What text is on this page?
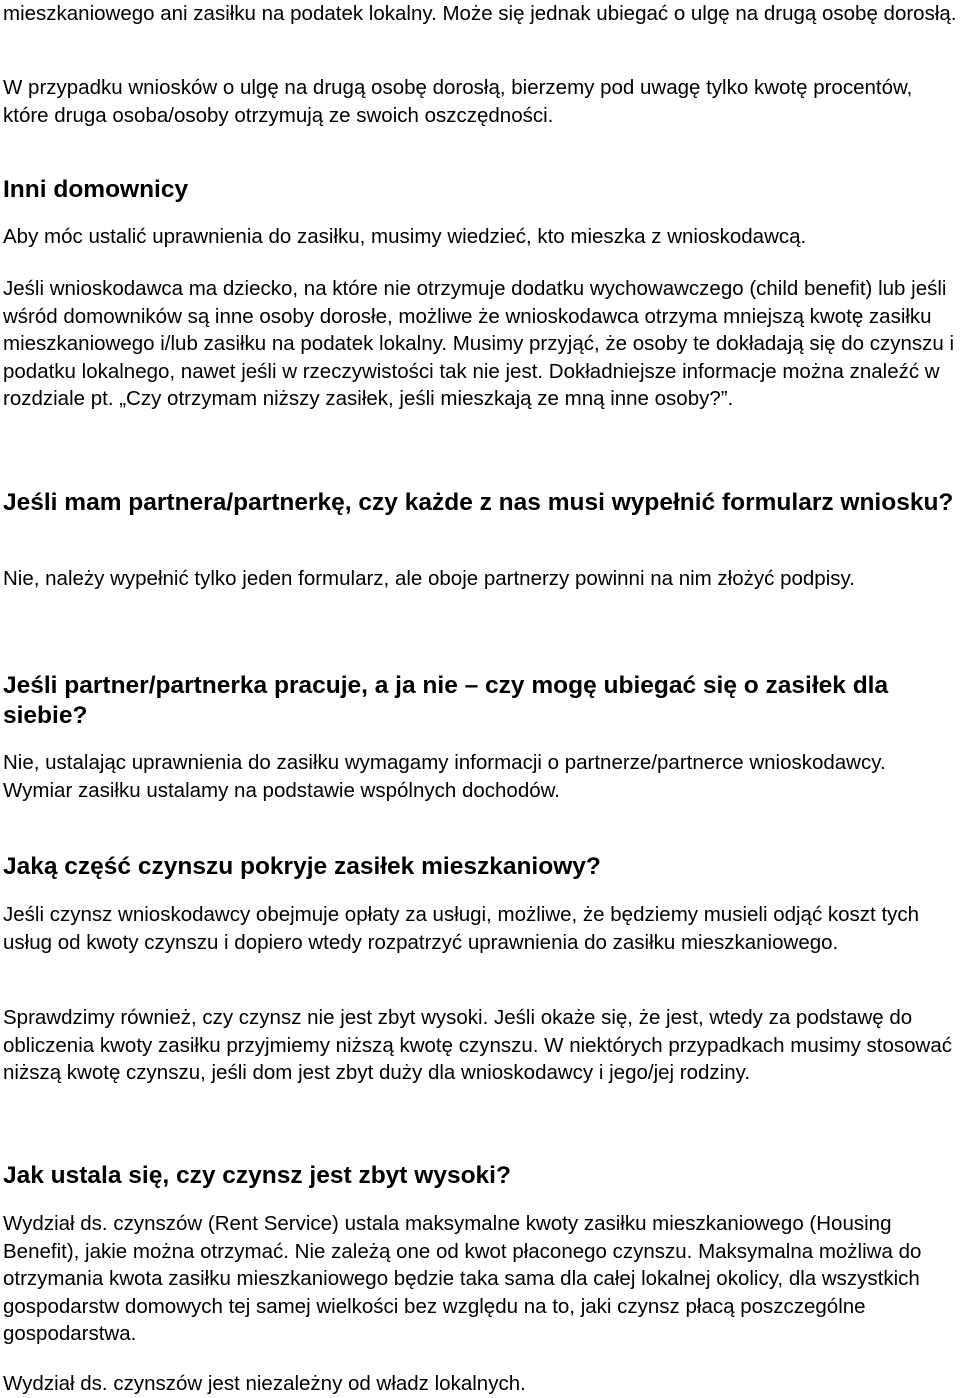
mieszkaniowego ani zasiłku na podatek lokalny. Może się jednak ubiegać o ulgę na drugą osobę dorosłą.

W przypadku wniosków o ulgę na drugą osobę dorosłą, bierzemy pod uwagę tylko kwotę procentów, które druga osoba/osoby otrzymują ze swoich oszczędności.

Inni domownicy

Aby móc ustalić uprawnienia do zasiłku, musimy wiedzieć, kto mieszka z wnioskodawcą.

Jeśli wnioskodawca ma dziecko, na które nie otrzymuje dodatku wychowawczego (child benefit) lub jeśli wśród domowników są inne osoby dorosłe, możliwe że wnioskodawca otrzyma mniejszą kwotę zasiłku mieszkaniowego i/lub zasiłku na podatek lokalny. Musimy przyjąć, że osoby te dokładają się do czynszu i podatku lokalnego, nawet jeśli w rzeczywistości tak nie jest. Dokładniejsze informacje można znaleźć w rozdziale pt. „Czy otrzymam niższy zasiłek, jeśli mieszkają ze mną inne osoby?”.

Jeśli mam partnera/partnerkę, czy każde z nas musi wypełnić formularz wniosku?

Nie, należy wypełnić tylko jeden formularz, ale oboje partnerzy powinni na nim złożyć podpisy.

Jeśli partner/partnerka pracuje, a ja nie – czy mogę ubiegać się o zasiłek dla siebie?

Nie, ustalając uprawnienia do zasiłku wymagamy informacji o partnerze/partnerce wnioskodawcy. Wymiar zasiłku ustalamy na podstawie wspólnych dochodów.

Jaką część czynszu pokryje zasiłek mieszkaniowy?

Jeśli czynsz wnioskodawcy obejmuje opłaty za usługi, możliwe, że będziemy musieli odjąć koszt tych usług od kwoty czynszu i dopiero wtedy rozpatrzyć uprawnienia do zasiłku mieszkaniowego.

Sprawdzimy również, czy czynsz nie jest zbyt wysoki. Jeśli okaże się, że jest, wtedy za podstawę do obliczenia kwoty zasiłku przyjmiemy niższą kwotę czynszu. W niektórych przypadkach musimy stosować niższą kwotę czynszu, jeśli dom jest zbyt duży dla wnioskodawcy i jego/jej rodziny.

Jak ustala się, czy czynsz jest zbyt wysoki?

Wydział ds. czynszów (Rent Service) ustala maksymalne kwoty zasiłku mieszkaniowego (Housing Benefit), jakie można otrzymać. Nie zależą one od kwot płaconego czynszu. Maksymalna możliwa do otrzymania kwota zasiłku mieszkaniowego będzie taka sama dla całej lokalnej okolicy, dla wszystkich gospodarstw domowych tej samej wielkości bez względu na to, jaki czynsz płacą poszczególne gospodarstwa.

Wydział ds. czynszów jest niezależny od władz lokalnych.
